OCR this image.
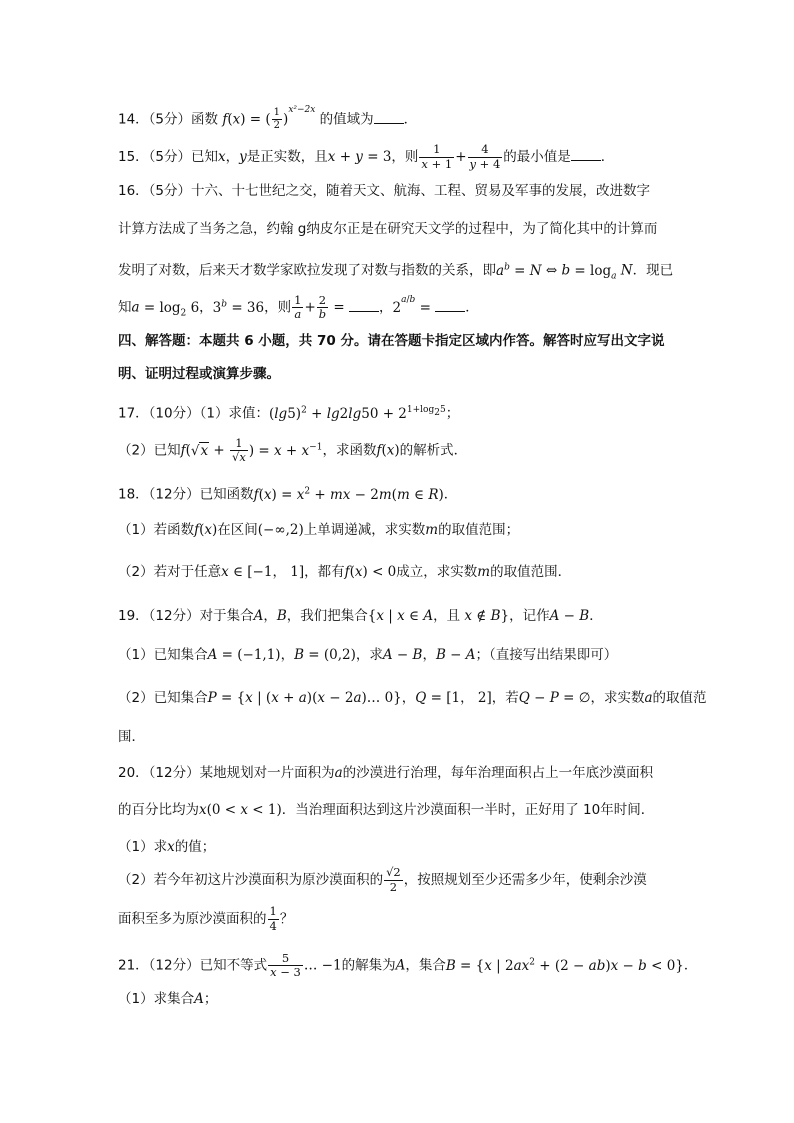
14．（5分）函数 f(x) = ( $\frac{1}{2} )^{x^2-2x}$ 的值域为 ．
15．（5分）已知x，y是正实数，且x + y = 3，则 $\frac{1}{x + 1} + \frac{4}{y + 4}$ 的最小值是 ．
16．（5分）十六、十七世纪之交，随着天文、航海、工程、贸易及军事的发展，改进数字
计算方法成了当务之急，约翰 g纳皮尔正是在研究天文学的过程中，为了简化其中的计算而
发明了对数，后来天才数学家欧拉发现了对数与指数的关系，即$a^b = N$ ⇔ $b = \log_a N$．现已
知$a = \log_2 6$，$3^b = 36$，则 $\frac{1}{a} + \frac{2}{b}$ = ，$2^{a/b}$ = ．
四、解答题：本题共 6 小题，共 70 分。请在答题卡指定区域内作答。解答时应写出文字说
明、证明过程或演算步骤。
17．（10分）（1）求值：$(\lg 5)^2 + \lg 2\lg 50 + 2^{1+log_25}$；
（2）已知$f(√x + \frac{1}{√x}$ ) = $x + x^{-1}$，求函数f(x)的解析式．
18．（12分）已知函数$f(x) = x^2$ + mx − 2m(m ∈ R)．
（1）若函数f(x)在区间(−∞,2)上单调递减，求实数m的取值范围；
（2）若对于任意x ∈ [−1， 1]，都有f(x) < 0成立，求实数m的取值范围．
19．（12分）对于集合A，B，我们把集合{x | x ∈ A，且 x ∉ B}，记作A − B．
（1）已知集合A = (−1,1)，B = (0,2)，求A − B，B − A；（直接写出结果即可）
（2）已知集合P = {x | (x + a)(x − 2a)… 0}，Q = [1， 2]，若Q − P = ∅，求实数a的取值范
围．
20．（12分）某地规划对一片面积为a的沙漠进行治理，每年治理面积占上一年底沙漠面积
的百分比均为x(0 < x < 1)．当治理面积达到这片沙漠面积一半时，正好用了 10年时间．
（1）求x的值；
（2）若今年初这片沙漠面积为原沙漠面积的 $\frac{√2}{2}$ ，按照规划至少还需多少年，使剩余沙漠
面积至多为原沙漠面积的 $\frac{1}{4}$ ？
21．（12分）已知不等式 $\frac{5}{x - 3}$ … −1的解集为A，集合B = {x | $2ax^2 + (2 - ab)x - b < 0$}．
（1）求集合A；
